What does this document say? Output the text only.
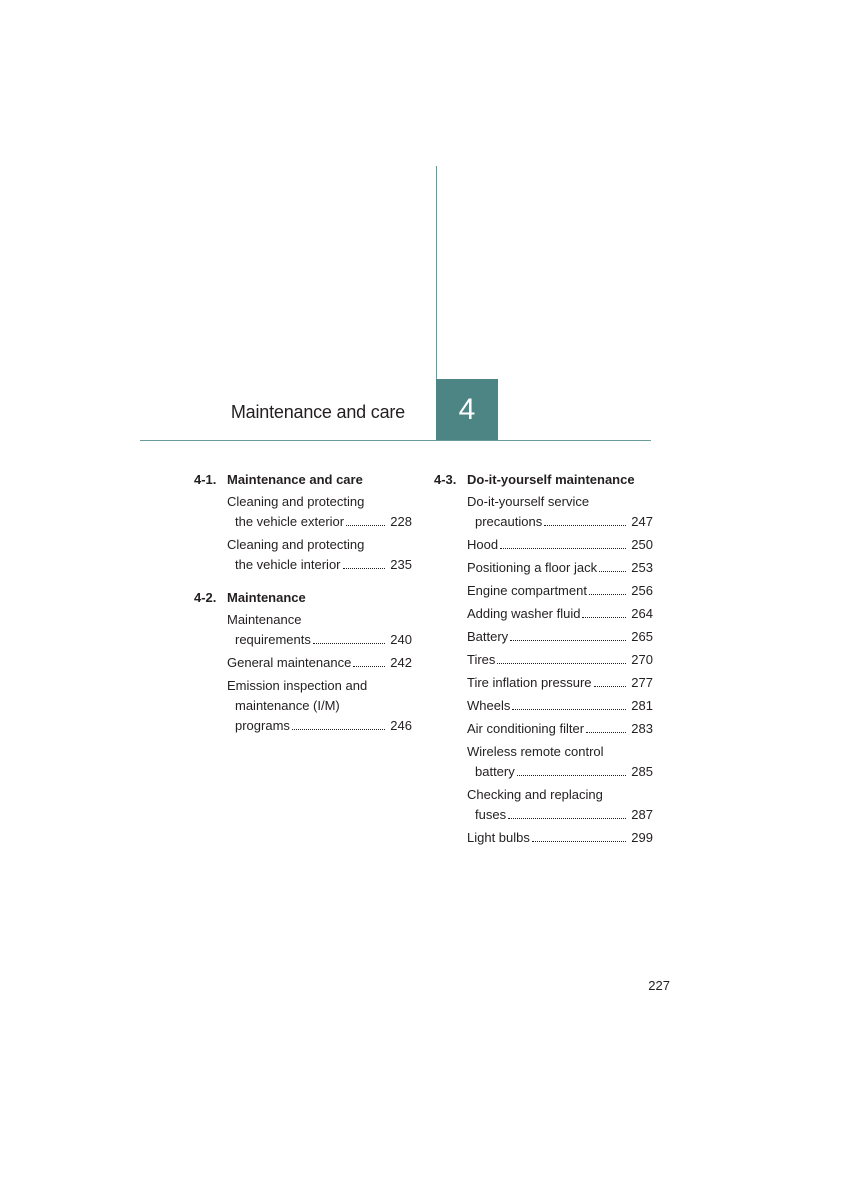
Maintenance and care	4
4-1. Maintenance and care
Cleaning and protecting
the vehicle exterior	228
Cleaning and protecting
the vehicle interior	235
4-2. Maintenance
Maintenance
requirements	240
General maintenance	242
Emission inspection and
maintenance (I/M)
programs	246
4-3. Do-it-yourself maintenance
Do-it-yourself service
precautions	247
Hood	250
Positioning a floor jack	253
Engine compartment	256
Adding washer fluid	264
Battery	265
Tires	270
Tire inflation pressure	277
Wheels	281
Air conditioning filter	283
Wireless remote control
battery	285
Checking and replacing
fuses	287
Light bulbs	299
227
